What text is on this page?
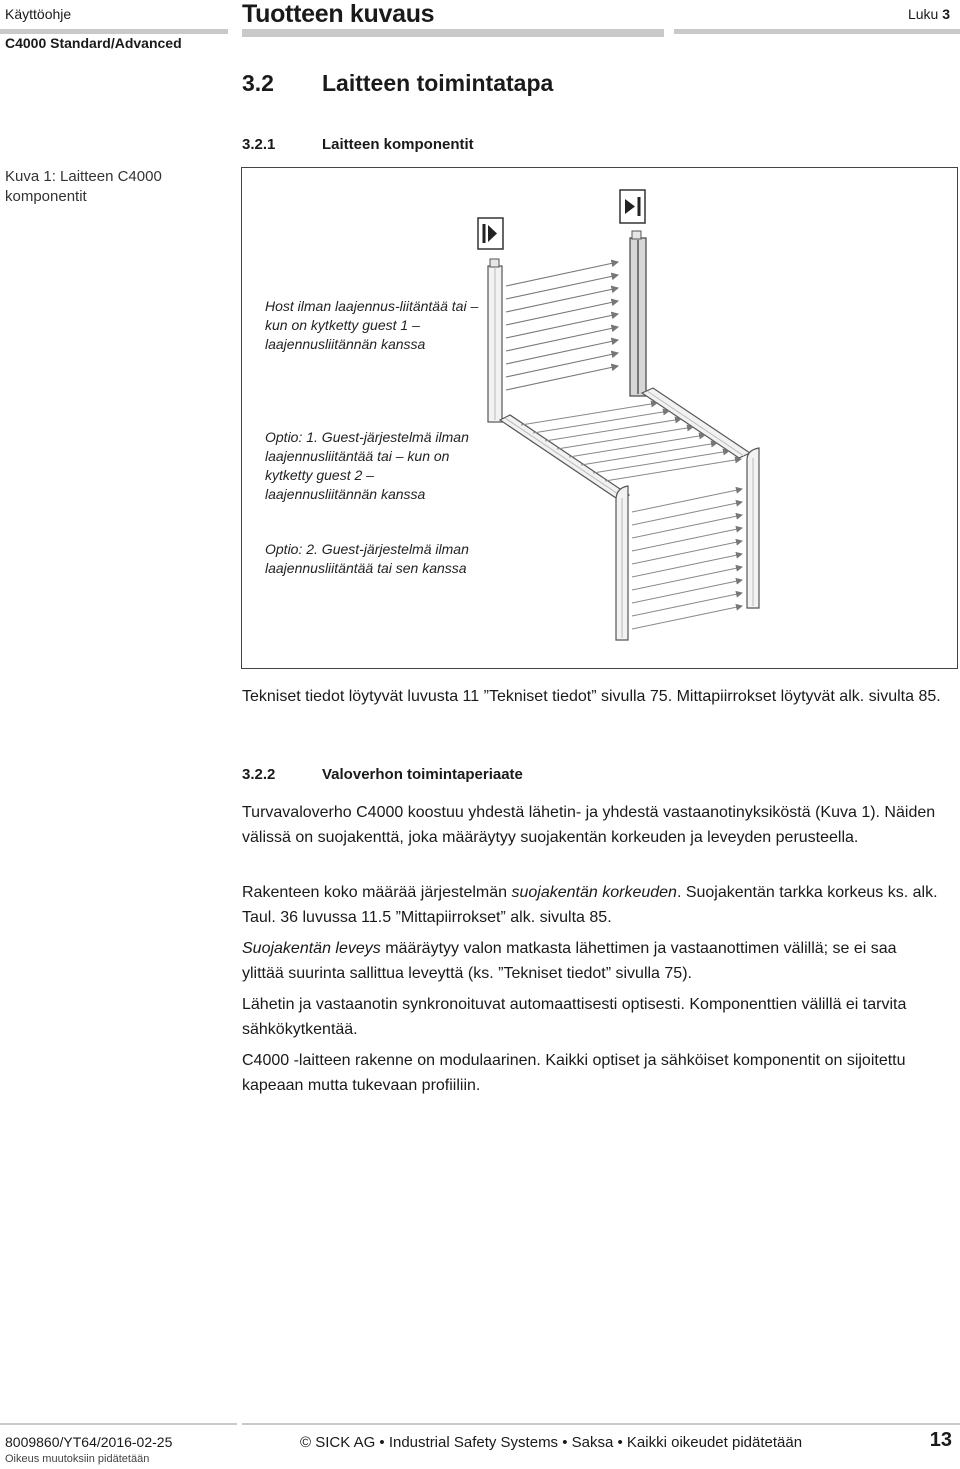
Käyttöohje
C4000 Standard/Advanced
Tuotteen kuvaus	Luku 3
3.2 Laitteen toimintatapa
3.2.1	Laitteen komponentit
Kuva 1: Laitteen C4000 komponentit
Host ilman laajennus-liitäntää tai – kun on kytketty guest 1 – laajennusliitännän kanssa
Optio: 1. Guest-järjestelmä ilman laajennusliitäntää tai – kun on kytketty guest 2 – laajennusliitännän kanssa
Optio: 2. Guest-järjestelmä ilman laajennusliitäntää tai sen kanssa
Tekniset tiedot löytyvät luvusta 11 ”Tekniset tiedot” sivulla 75. Mittapiirrokset löytyvät alk. sivulta 85.
3.2.2	Valoverhon toimintaperiaate
Turvavaloverho C4000 koostuu yhdestä lähetin- ja yhdestä vastaanotinyksiköstä (Kuva 1). Näiden välissä on suojakenttä, joka määräytyy suojakentän korkeuden ja leveyden perusteella.
Rakenteen koko määrää järjestelmän suojakentän korkeuden. Suojakentän tarkka korkeus ks. alk. Taul. 36 luvussa 11.5 ”Mittapiirrokset” alk. sivulta 85.
Suojakentän leveys määräytyy valon matkasta lähettimen ja vastaanottimen välillä; se ei saa ylittää suurinta sallittua leveyttä (ks. ”Tekniset tiedot” sivulla 75).
Lähetin ja vastaanotin synkronoituvat automaattisesti optisesti. Komponenttien välillä ei tarvita sähkökytkentää.
C4000 -laitteen rakenne on modulaarinen. Kaikki optiset ja sähköiset komponentit on sijoitettu kapeaan mutta tukevaan profiiliin.
8009860/YT64/2016-02-25
Oikeus muutoksiin pidätetään
© SICK AG • Industrial Safety Systems • Saksa • Kaikki oikeudet pidätetään	13
